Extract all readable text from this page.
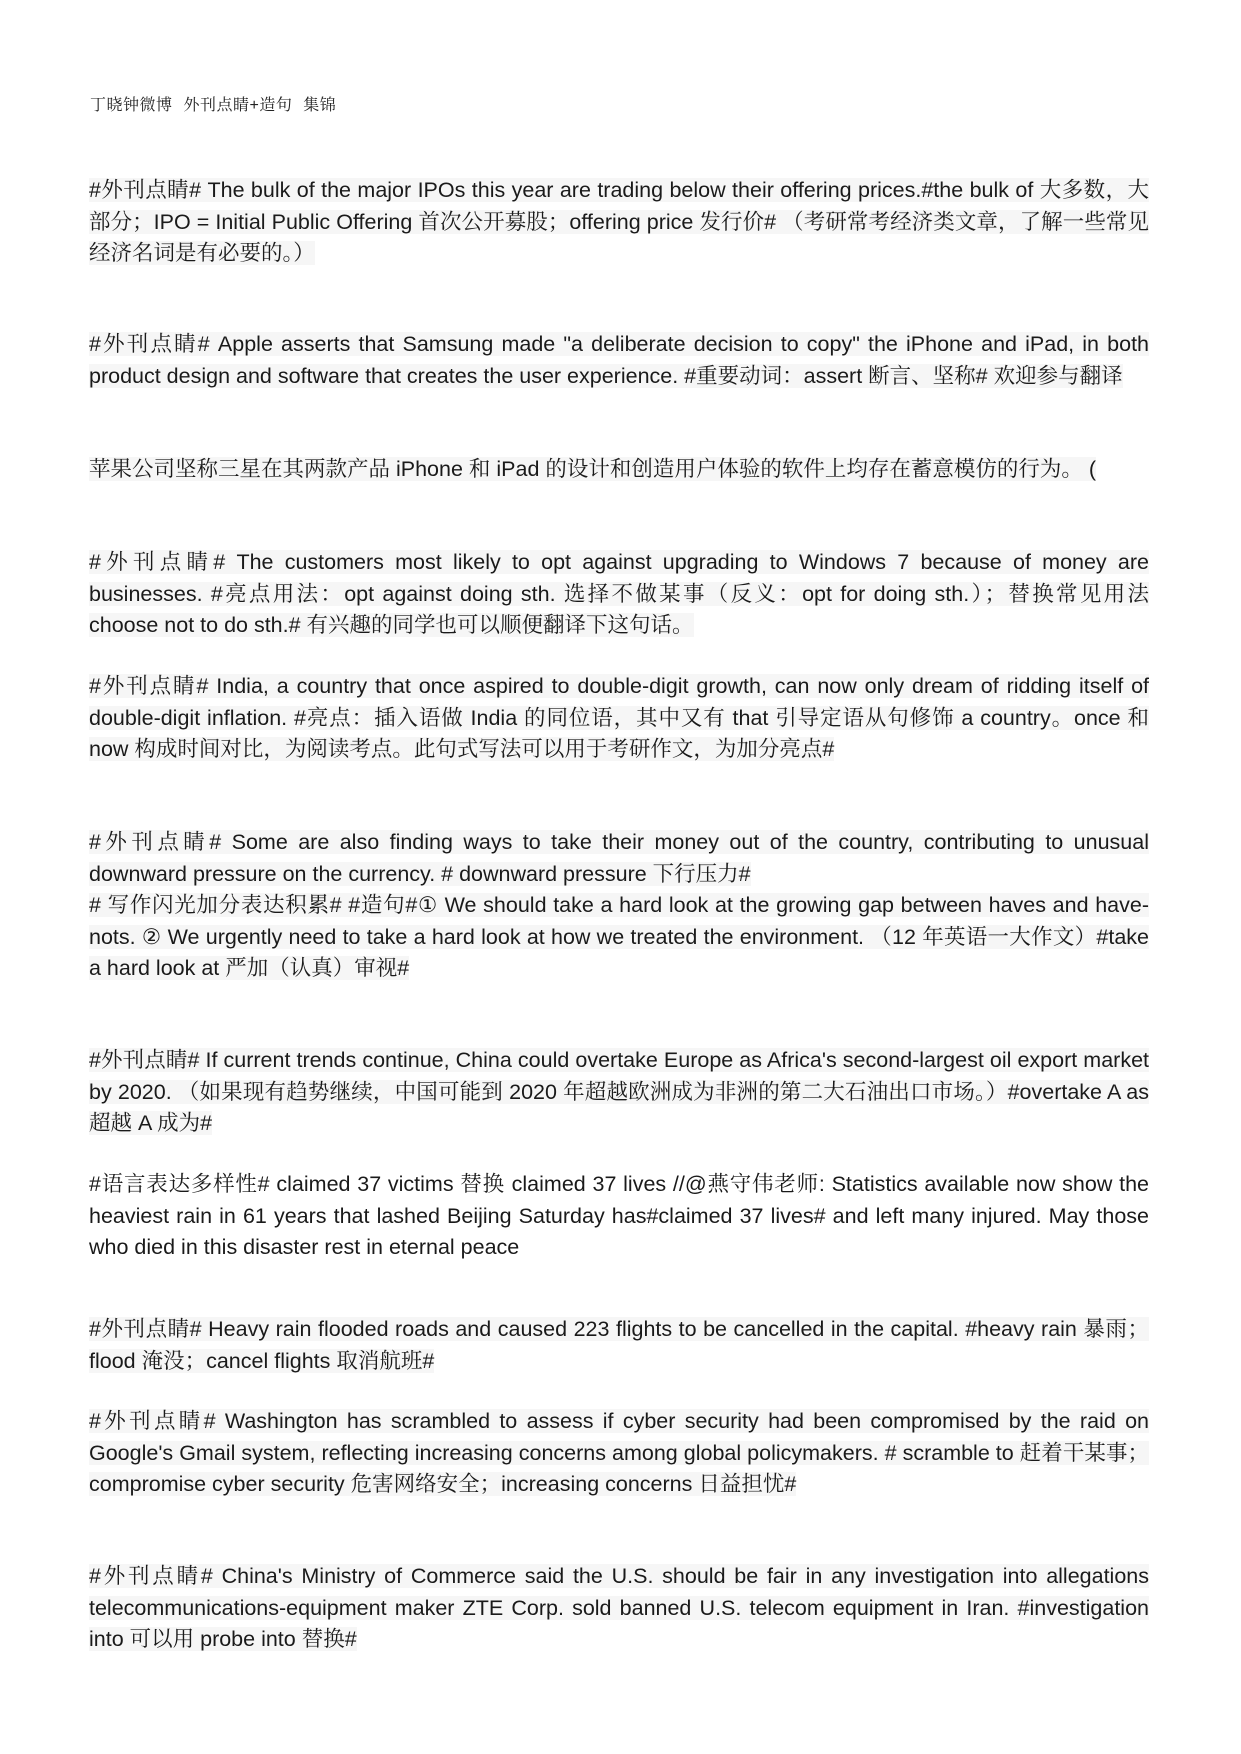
丁晓钟微博 外刊点睛+造句 集锦
#外刊点睛# The bulk of the major IPOs this year are trading below their offering prices.#the bulk of 大多数，大部分；IPO = Initial Public Offering 首次公开募股；offering price 发行价# （考研常考经济类文章，了解一些常见经济名词是有必要的。）
#外刊点睛# Apple asserts that Samsung made "a deliberate decision to copy" the iPhone and iPad, in both product design and software that creates the user experience. #重要动词：assert 断言、坚称# 欢迎参与翻译
苹果公司坚称三星在其两款产品 iPhone 和 iPad 的设计和创造用户体验的软件上均存在蓄意模仿的行为。 (
#外刊点睛# The customers most likely to opt against upgrading to Windows 7 because of money are businesses. #亮点用法：opt against doing sth. 选择不做某事（反义：opt for doing sth.）；替换常见用法 choose not to do sth.# 有兴趣的同学也可以顺便翻译下这句话。
#外刊点睛# India, a country that once aspired to double-digit growth, can now only dream of ridding itself of double-digit inflation. #亮点：插入语做 India 的同位语，其中又有 that 引导定语从句修饰 a country。once 和 now 构成时间对比，为阅读考点。此句式写法可以用于考研作文，为加分亮点#
#外刊点睛# Some are also finding ways to take their money out of the country, contributing to unusual downward pressure on the currency. # downward pressure 下行压力#
# 写作闪光加分表达积累# #造句#① We should take a hard look at the growing gap between haves and have-nots. ② We urgently need to take a hard look at how we treated the environment. （12 年英语一大作文）#take a hard look at 严加（认真）审视#
#外刊点睛# If current trends continue, China could overtake Europe as Africa's second-largest oil export market by 2020. （如果现有趋势继续，中国可能到 2020 年超越欧洲成为非洲的第二大石油出口市场。）#overtake A as 超越 A 成为#
#语言表达多样性# claimed 37 victims 替换 claimed 37 lives //@燕守伟老师: Statistics available now show the heaviest rain in 61 years that lashed Beijing Saturday has#claimed 37 lives# and left many injured. May those who died in this disaster rest in eternal peace
#外刊点睛# Heavy rain flooded roads and caused 223 flights to be cancelled in the capital. #heavy rain 暴雨；flood 淹没；cancel flights 取消航班#
#外刊点睛# Washington has scrambled to assess if cyber security had been compromised by the raid on Google's Gmail system, reflecting increasing concerns among global policymakers. # scramble to 赶着干某事； compromise cyber security 危害网络安全；increasing concerns 日益担忧#
#外刊点睛# China's Ministry of Commerce said the U.S. should be fair in any investigation into allegations telecommunications-equipment maker ZTE Corp. sold banned U.S. telecom equipment in Iran. #investigation into 可以用 probe into 替换#
